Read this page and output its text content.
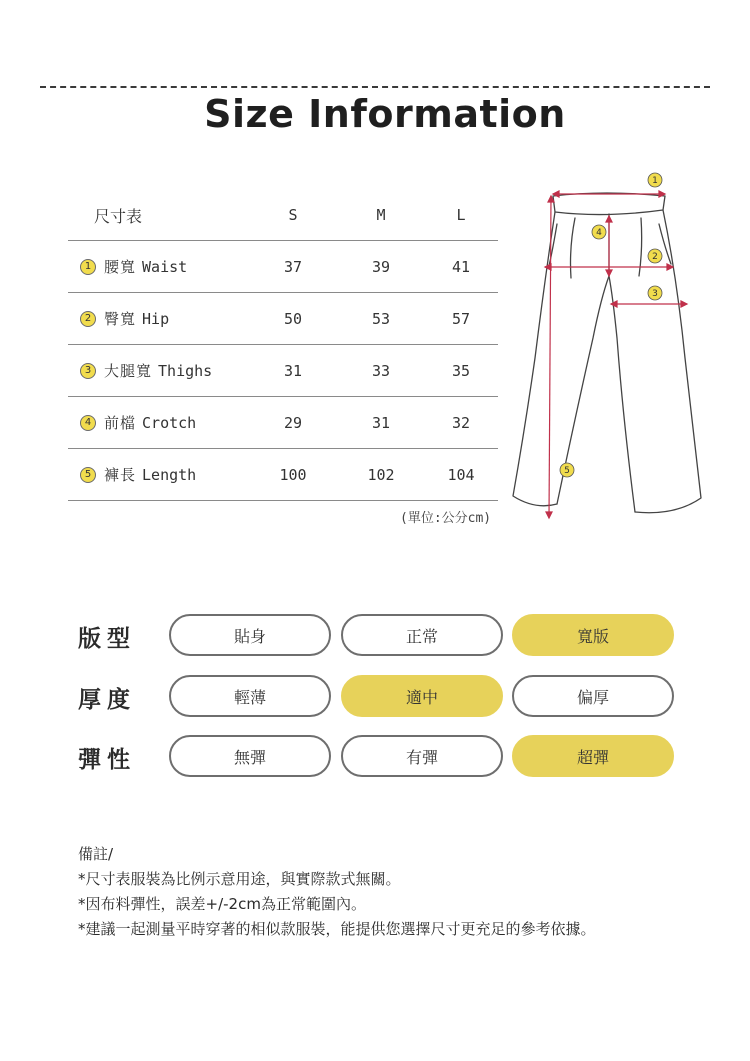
Size Information
尺寸表	S	M	L
1 腰寬 Waist	37	39	41
2 臀寬 Hip	50	53	57
3 大腿寬 Thighs	31	33	35
4 前檔 Crotch	29	31	32
5 褲長 Length	100	102	104
(單位:公分cm)
1
4
2
3
5
版型	貼身	正常	寬版
厚度	輕薄	適中	偏厚
彈性	無彈	有彈	超彈
備註/
*尺寸表服裝為比例示意用途，與實際款式無關。
*因布料彈性，誤差+/-2cm為正常範圍內。
*建議一起測量平時穿著的相似款服裝，能提供您選擇尺寸更充足的參考依據。
